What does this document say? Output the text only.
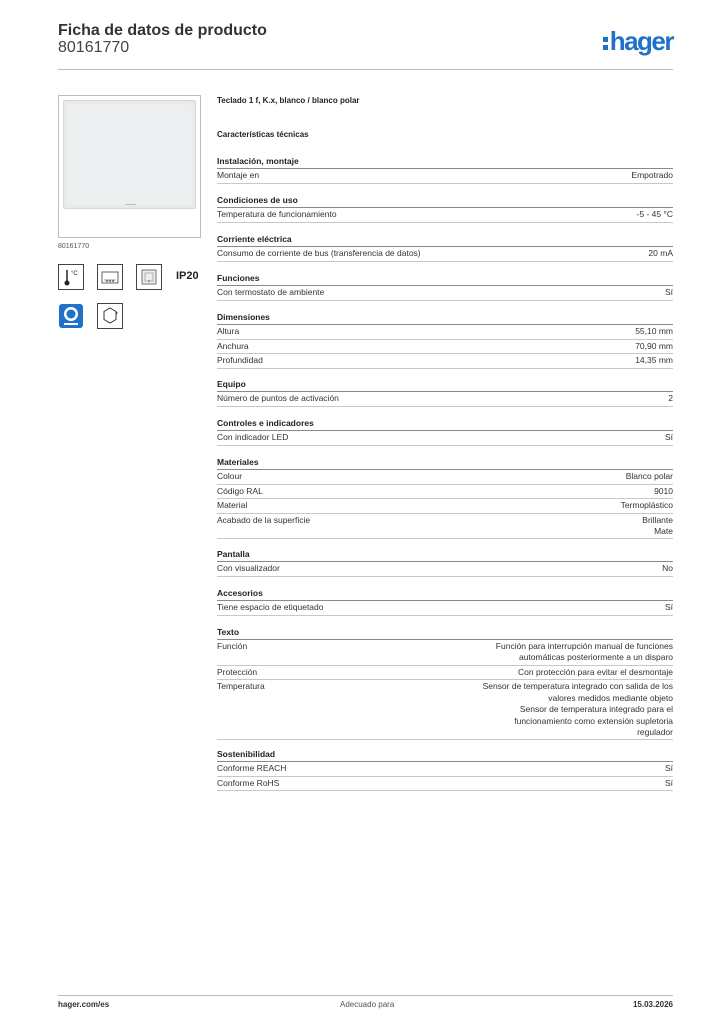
Ficha de datos de producto
80161770	hager
80161770
°C	IP20
Teclado 1 f, K.x, blanco / blanco polar
Características técnicas
Instalación, montaje
Montaje en	Empotrado
Condiciones de uso
Temperatura de funcionamiento	-5 - 45 °C
Corriente eléctrica
Consumo de corriente de bus (transferencia de datos)	20 mA
Funciones
Con termostato de ambiente	Sí
Dimensiones
Altura	55,10 mm
Anchura	70,90 mm
Profundidad	14,35 mm
Equipo
Número de puntos de activación	2
Controles e indicadores
Con indicador LED	Sí
Materiales
Colour	Blanco polar
Código RAL	9010
Material	Termoplástico
Acabado de la superficie	Brillante
Mate
Pantalla
Con visualizador	No
Accesorios
Tiene espacio de etiquetado	Sí
Texto
Función	Función para interrupción manual de funciones
automáticas posteriormente a un disparo
Protección	Con protección para evitar el desmontaje
Temperatura	Sensor de temperatura integrado con salida de los
valores medidos mediante objeto
Sensor de temperatura integrado para el
funcionamiento como extensión supletoria
regulador
Sostenibilidad
Conforme REACH	Sí
Conforme RoHS	Sí
hager.com/es	Adecuado para	15.03.2026
